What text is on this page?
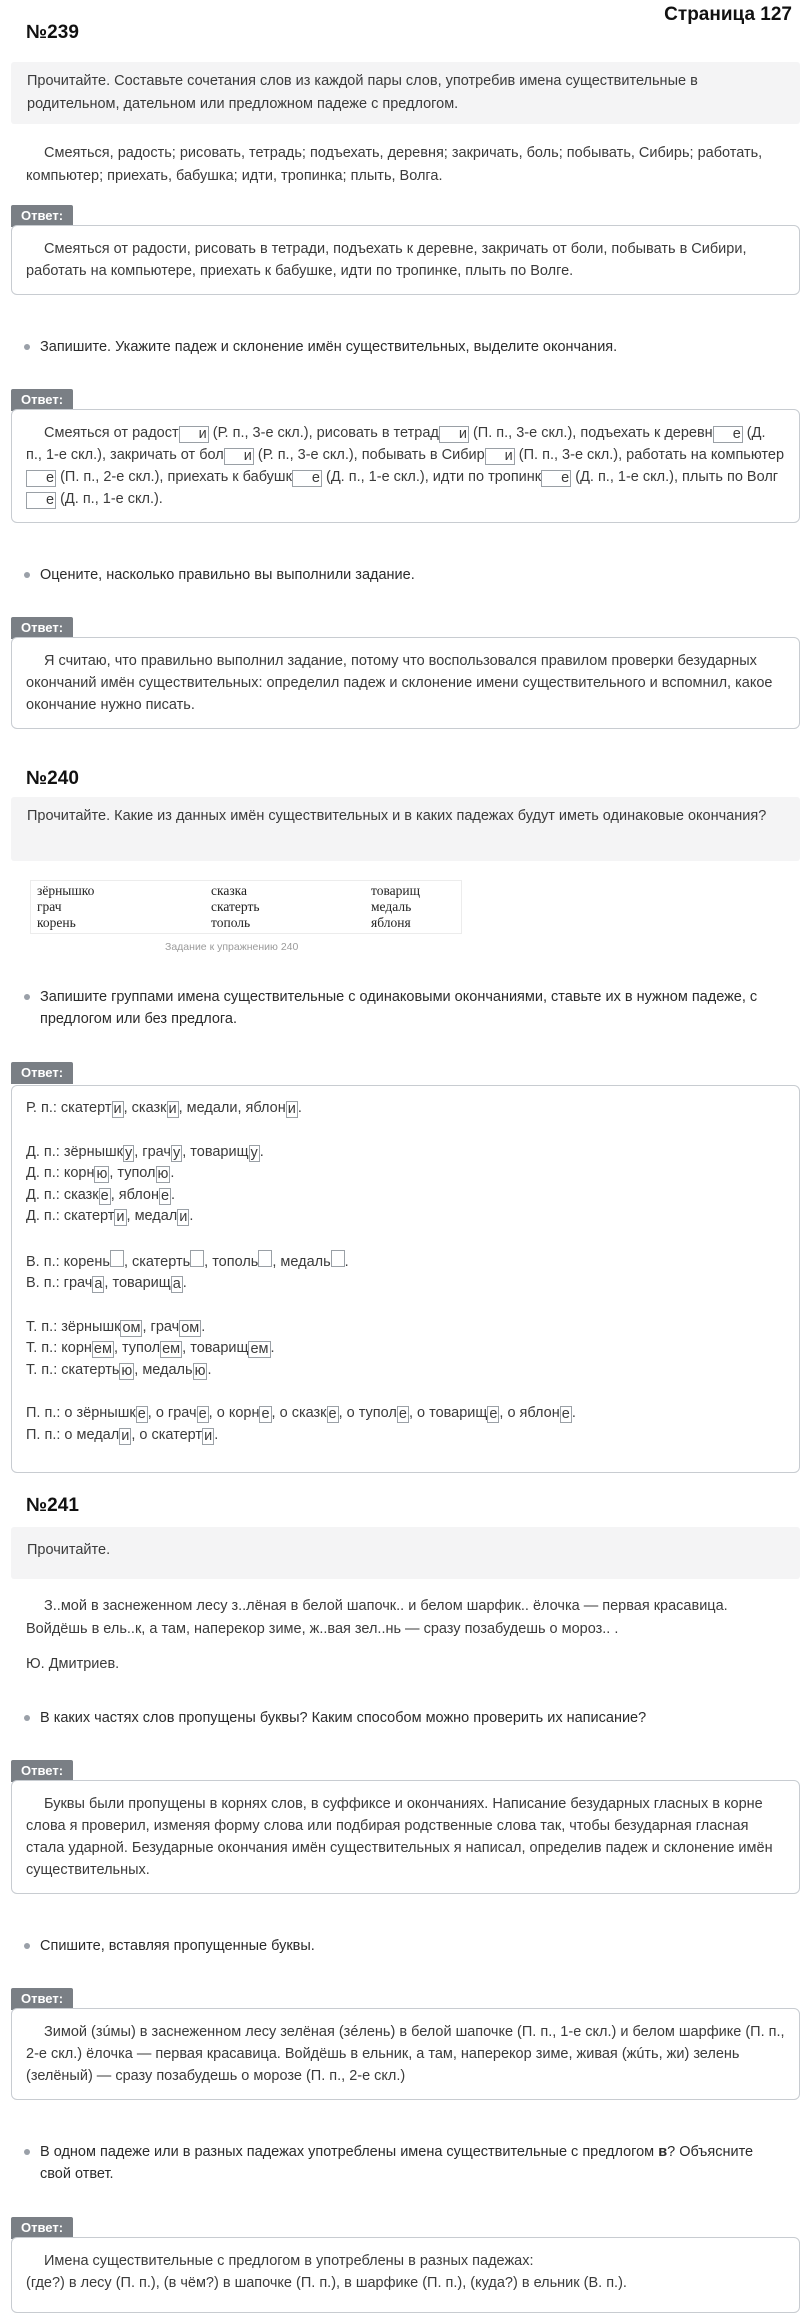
Страница 127
№239
Прочитайте. Составьте сочетания слов из каждой пары слов, употребив имена существительные в родительном, дательном или предложном падеже с предлогом.
Смеяться, радость; рисовать, тетрадь; подъехать, деревня; закричать, боль; побывать, Сибирь; работать, компьютер; приехать, бабушка; идти, тропинка; плыть, Волга.
Ответ:

Смеяться от радости, рисовать в тетради, подъехать к деревне, закричать от боли, побывать в Сибири, работать на компьютере, приехать к бабушке, идти по тропинке, плыть по Волге.

Запишите. Укажите падеж и склонение имён существительных, выделите окончания.
Ответ:

Смеяться от радост и (Р. п., 3-е скл.), рисовать в тетрад и (П. п., 3-е скл.), подъехать к деревн е (Д. п., 1-е скл.), закричать от бол и (Р. п., 3-е скл.), побывать в Сибир и (П. п., 3-е скл.), работать на компьютере (П. п., 2-е скл.), приехать к бабушк е (Д. п., 1-е скл.), идти по тропинк е (Д. п., 1-е скл.), плыть по Волге (Д. п., 1-е скл.).

Оцените, насколько правильно вы выполнили задание.
Ответ:

Я считаю, что правильно выполнил задание, потому что воспользовался правилом проверки безударных окончаний имён существительных: определил падеж и склонение имени существительного и вспомнил, какое окончание нужно писать.

№240
Прочитайте. Какие из данных имён существительных и в каких падежах будут иметь одинаковые окончания?
зёрнышко
грач
корень
сказка
скатерть
тополь
товарищ
медаль
яблоня
Задание к упражнению 240
Запишите группами имена существительные с одинаковыми окончаниями, ставьте их в нужном падеже, с предлогом или без предлога.
Ответ:

Р. п.: скатерт и , сказк и , медали, яблон и .

Д. п.: зёрнышк у , грач у , товарищ у .

Д. п.: корн ю , тупол ю .

Д. п.: сказк е , яблон е .

Д. п.: скатерт и , медал и .

В. п.: корень , скатерть , тополь , медаль .

В. п.: грач а , товарищ а .

Т. п.: зёрнышк ом , грач ом .

Т. п.: корн ем , тупол ем , товарищ ем .

Т. п.: скатерть ю , медаль ю .

П. п.: о зёрнышк е , о грач е , о корн е , о сказк е , о тупол е , о товарищ е , о яблон е .

П. п.: о медал и , о скатерт и .

№241
Прочитайте.
З..мой в заснеженном лесу з..лёная в белой шапочк.. и белом шарфик.. ёлочка — первая красавица. Войдёшь в ель..к, а там, наперекор зиме, ж..вая зел..нь — сразу позабудешь о мороз.. .
Ю. Дмитриев.
В каких частях слов пропущены буквы? Каким способом можно проверить их написание?
Ответ:

Буквы были пропущены в корнях слов, в суффиксе и окончаниях. Написание безударных гласных в корне слова я проверил, изменяя форму слова или подбирая родственные слова так, чтобы безударная гласная стала ударной. Безударные окончания имён существительных я написал, определив падеж и склонение имён существительных.

Спишите, вставляя пропущенные буквы.
Ответ:

Зимой (зúмы) в заснеженном лесу зелёная (зéлень) в белой шапочке (П. п., 1-е скл.) и белом шарфике (П. п., 2-е скл.) ёлочка — первая красавица. Войдёшь в ельник, а там, наперекор зиме, живая (жúть, жи) зелень (зелёный) — сразу позабудешь о морозе (П. п., 2-е скл.)

В одном падеже или в разных падежах употреблены имена существительные с предлогом в? Объясните свой ответ.
Ответ:

Имена существительные с предлогом в употреблены в разных падежах:

(где?) в лесу (П. п.), (в чём?) в шапочке (П. п.), в шарфике (П. п.), (куда?) в ельник (В. п.).
